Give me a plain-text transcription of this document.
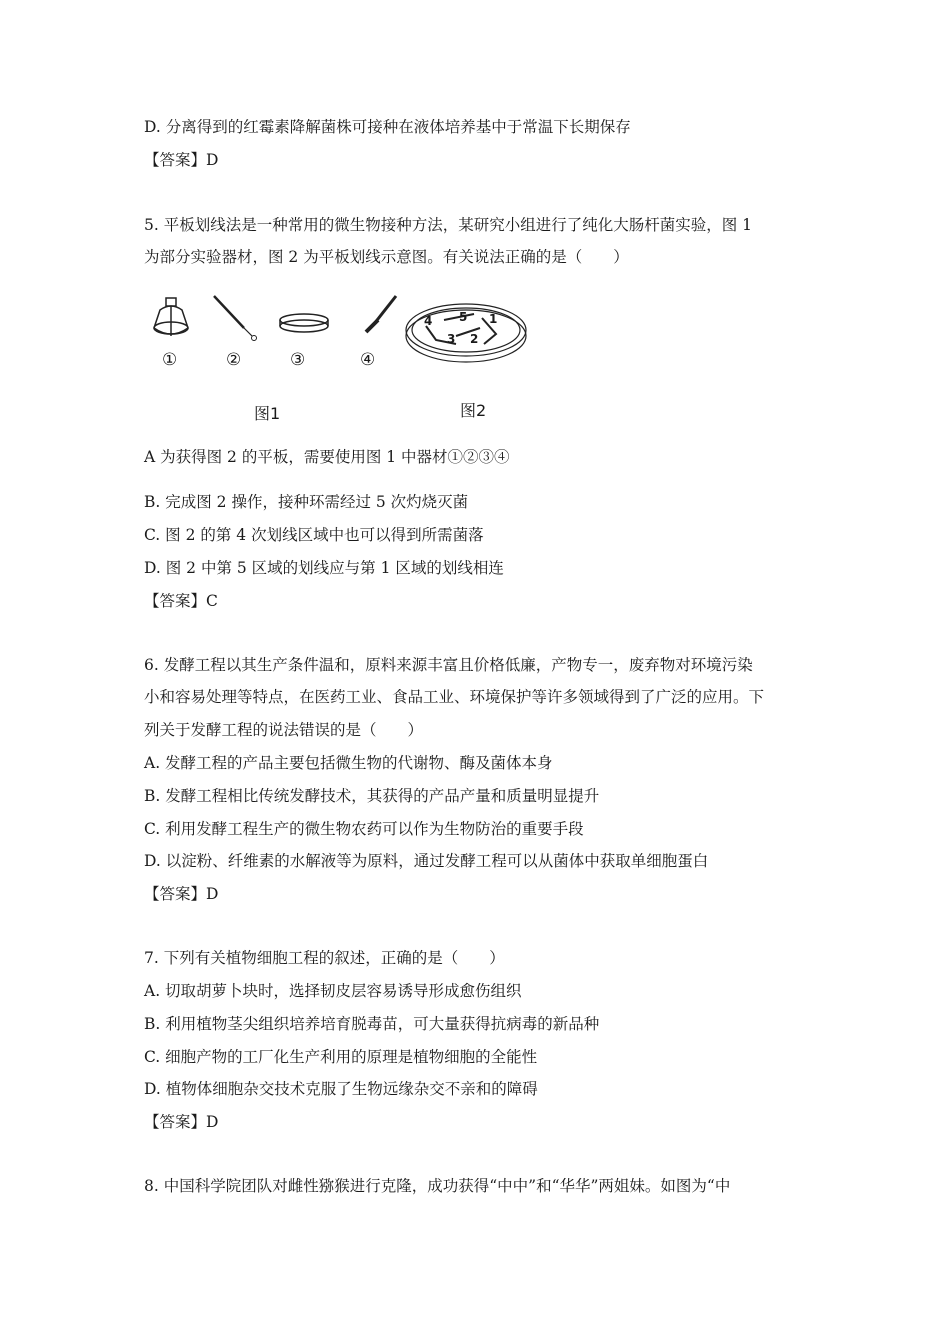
D. 分离得到的红霉素降解菌株可接种在液体培养基中于常温下长期保存
【答案】D
5. 平板划线法是一种常用的微生物接种方法，某研究小组进行了纯化大肠杆菌实验，图 1
为部分实验器材，图 2 为平板划线示意图。有关说法正确的是（　　）
①	②	③	④
1
2
3
4 5
图1	图2
A 为获得图 2 的平板，需要使用图 1 中器材①②③④
B. 完成图 2 操作，接种环需经过 5 次灼烧灭菌
C. 图 2 的第 4 次划线区域中也可以得到所需菌落
D. 图 2 中第 5 区域的划线应与第 1 区域的划线相连
【答案】C
6. 发酵工程以其生产条件温和，原料来源丰富且价格低廉，产物专一，废弃物对环境污染
小和容易处理等特点，在医药工业、食品工业、环境保护等许多领域得到了广泛的应用。下
列关于发酵工程的说法错误的是（　　）
A. 发酵工程的产品主要包括微生物的代谢物、酶及菌体本身
B. 发酵工程相比传统发酵技术，其获得的产品产量和质量明显提升
C. 利用发酵工程生产的微生物农药可以作为生物防治的重要手段
D. 以淀粉、纤维素的水解液等为原料，通过发酵工程可以从菌体中获取单细胞蛋白
【答案】D
7. 下列有关植物细胞工程的叙述，正确的是（　　）
A. 切取胡萝卜块时，选择韧皮层容易诱导形成愈伤组织
B. 利用植物茎尖组织培养培育脱毒苗，可大量获得抗病毒的新品种
C. 细胞产物的工厂化生产利用的原理是植物细胞的全能性
D. 植物体细胞杂交技术克服了生物远缘杂交不亲和的障碍
【答案】D
8. 中国科学院团队对雌性猕猴进行克隆，成功获得“中中”和“华华”两姐妹。如图为“中
